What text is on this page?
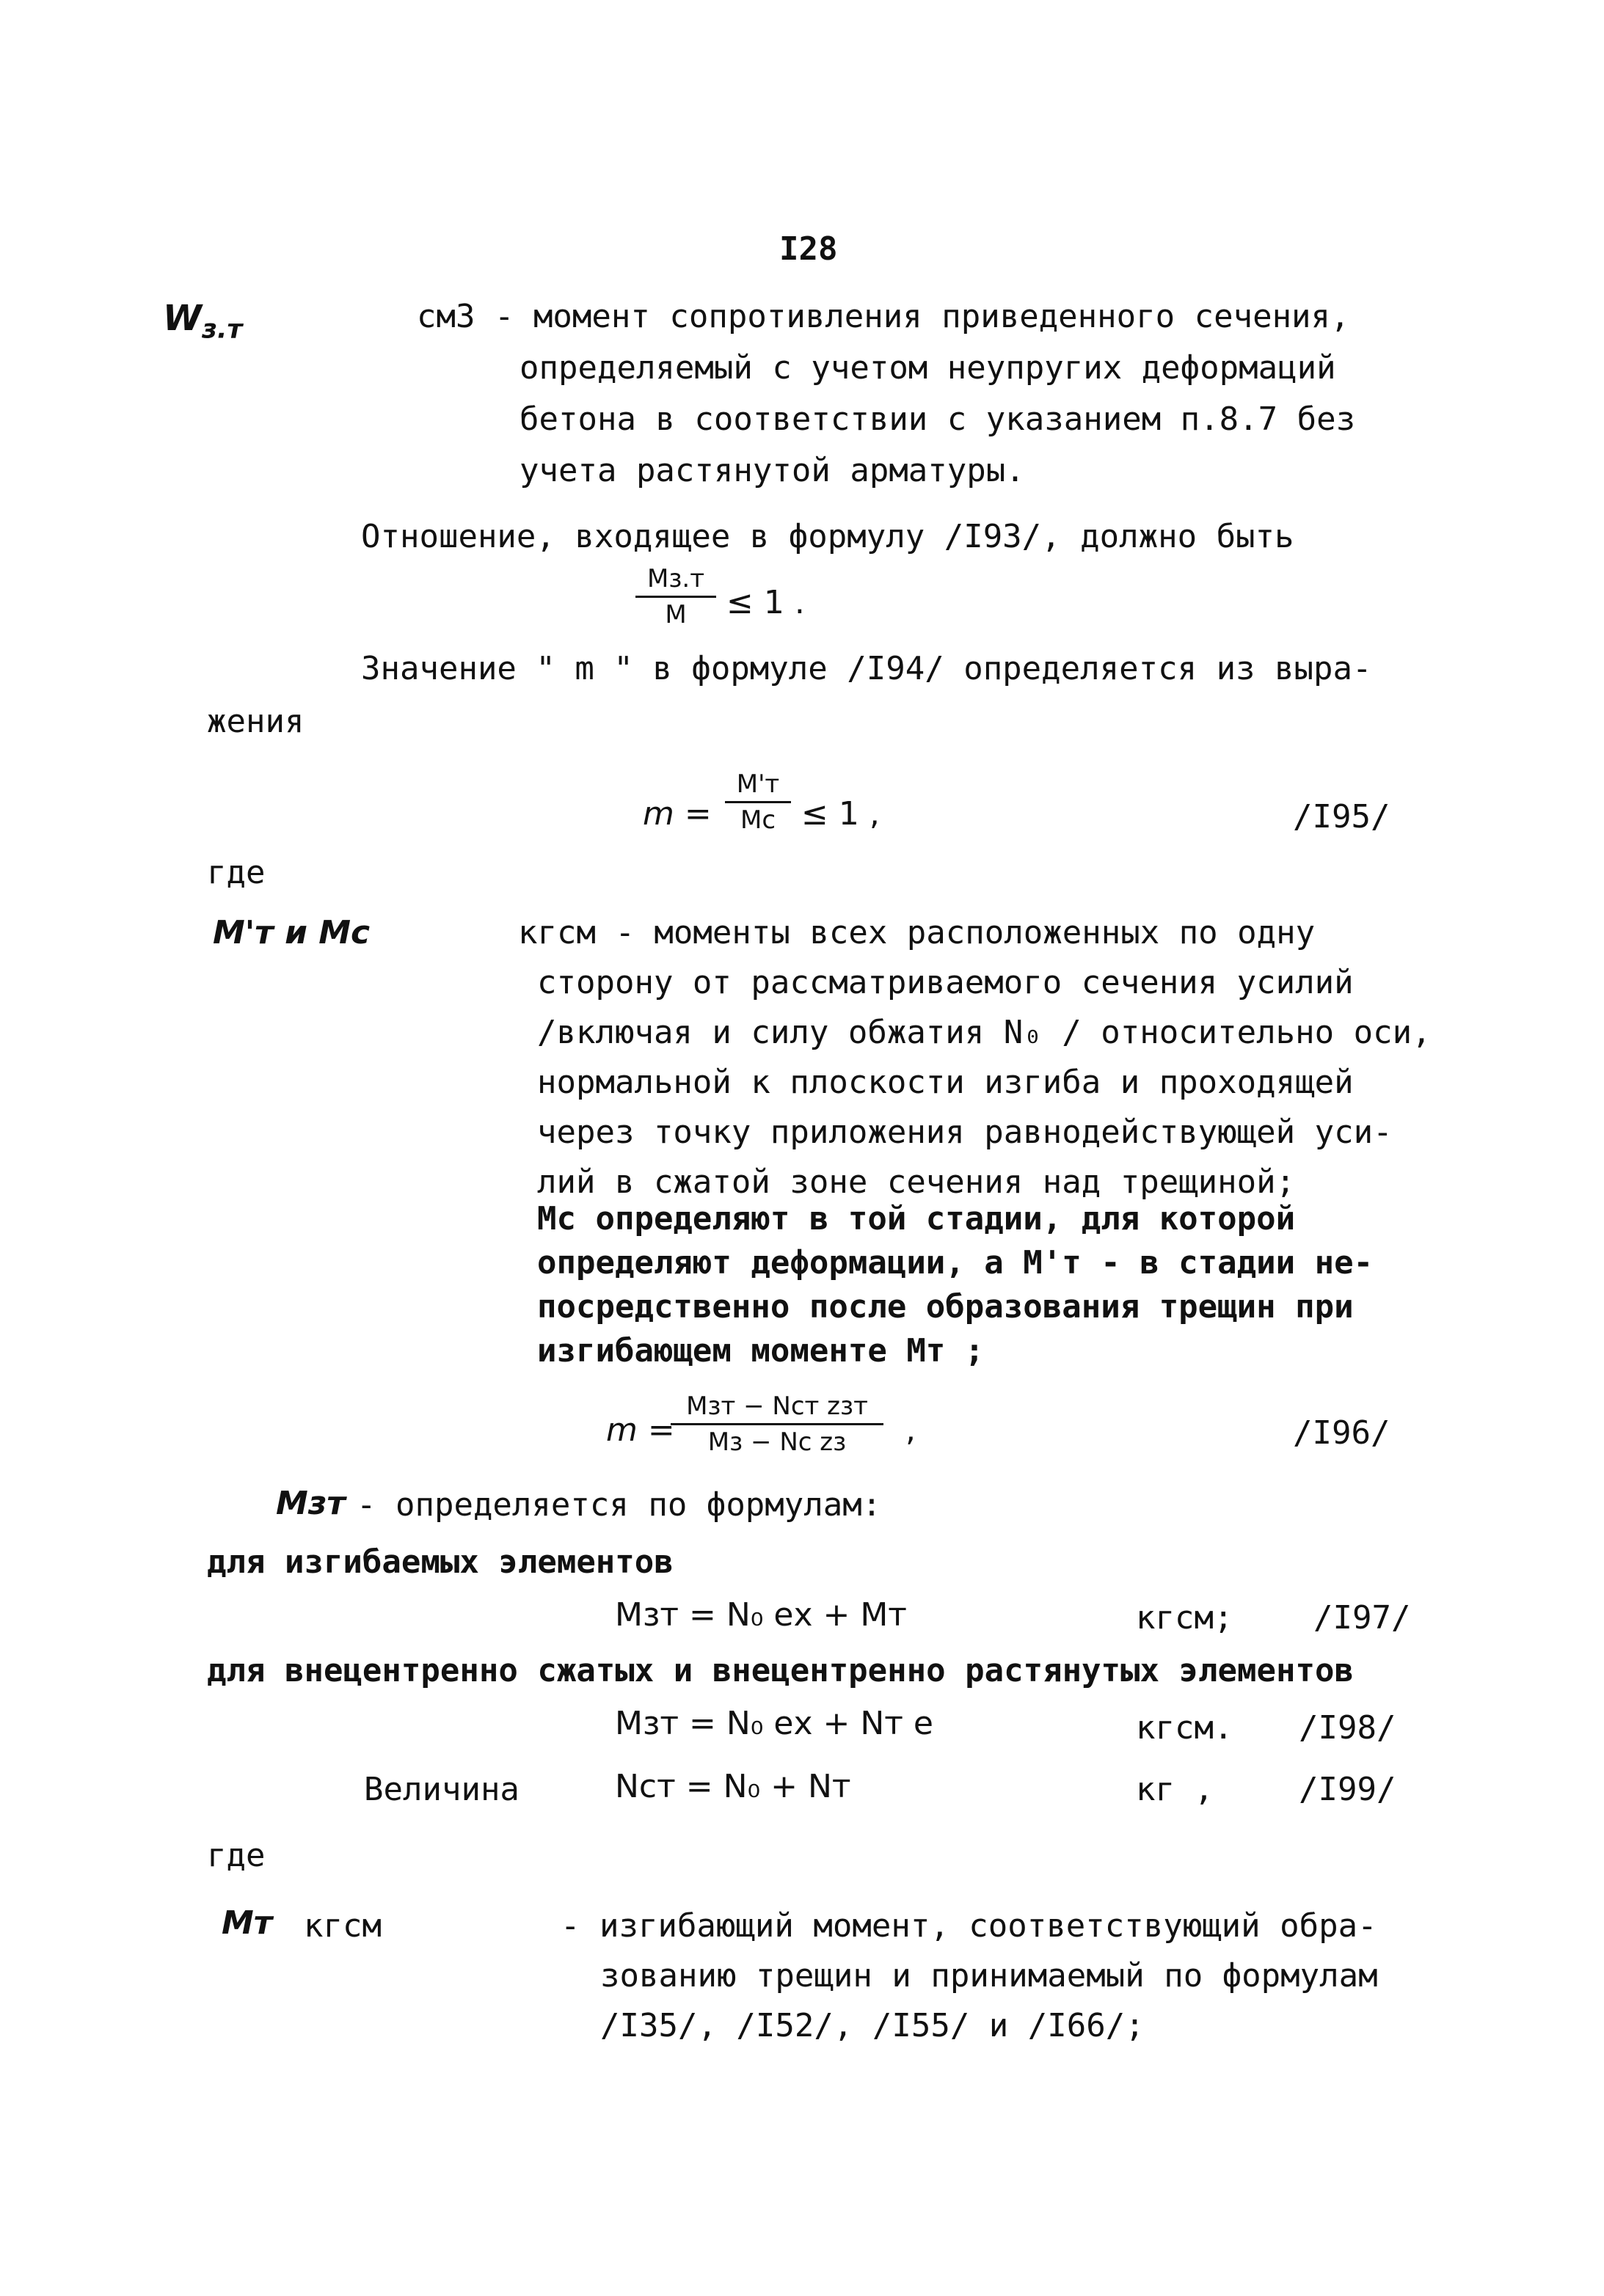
I28
$W_{з.т}$	см3 - момент сопротивления приведенного сечения,
определяемый с учетом неупругих деформаций
бетона в соответствии с указанием п.8.7 без
учета растянутой арматуры.
Отношение, входящее в формулу /I93/, должно быть
Mз.т
M	≤ 1 .
Значение " m " в формуле /I94/ определяется из выра-
жения
m =
M'т
Mс ≤ 1 ,	/I95/
где
M'т и Mс	кгсм - моменты всех расположенных по одну
сторону от рассматриваемого сечения усилий
/включая и силу обжатия N₀ / относительно оси,
нормальной к плоскости изгиба и проходящей
через точку приложения равнодействующей уси-
лий в сжатой зоне сечения над трещиной;
Mс определяют в той стадии, для которой
определяют деформации, а M'т - в стадии не-
посредственно после образования трещин при
изгибающем моменте Mт ;
m =
Mзт − Nст zзт
Mз − Nс zз	,	/I96/
Mзт - определяется по формулам:
для изгибаемых элементов
Mзт = N₀ eх + Mт	кгсм; /I97/
для внецентренно сжатых и внецентренно растянутых элементов
Mзт = N₀ eх + Nт e	кгсм. /I98/
Величина	Nст = N₀ + Nт	кг ,	/I99/
где
Mт кгсм	- изгибающий момент, соответствующий обра-
зованию трещин и принимаемый по формулам
/I35/, /I52/, /I55/ и /I66/;
